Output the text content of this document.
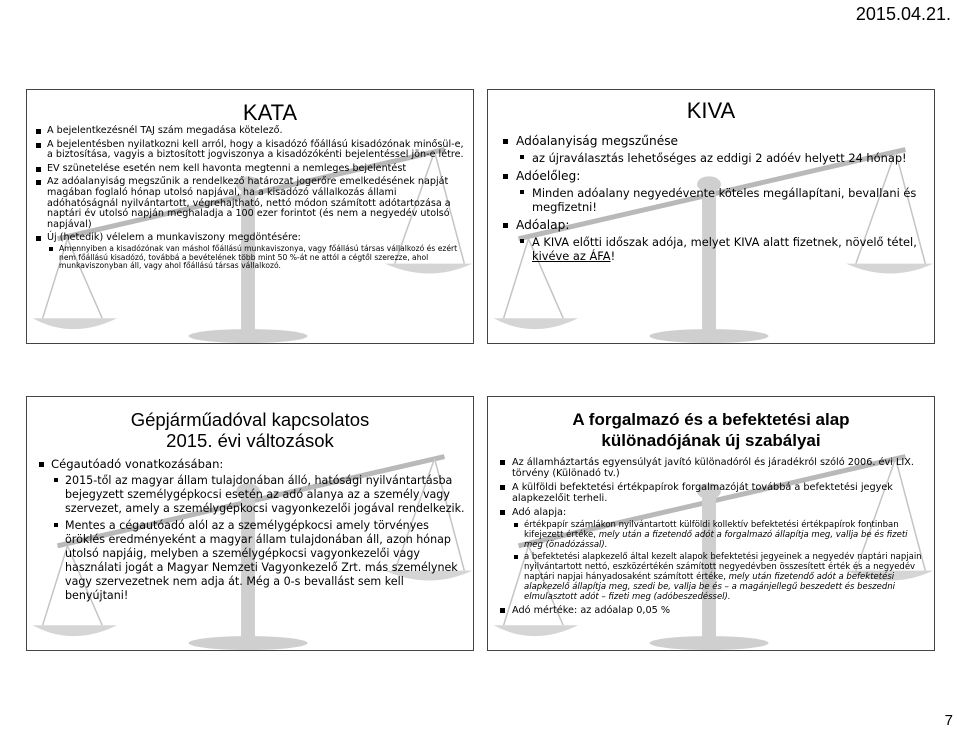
2015.04.21.
KATA
A bejelentkezésnél TAJ szám megadása kötelező.
A bejelentésben nyilatkozni kell arról, hogy a kisadózó főállású kisadózónak minősül-e, a biztosítása, vagyis a biztosított jogviszonya a kisadózókénti bejelentéssel jön-e létre.
EV szünetelése esetén nem kell havonta megtenni a nemleges bejelentést
Az adóalanyiság megszűnik a rendelkező határozat jogerőre emelkedésének napját magában foglaló hónap utolsó napjával, ha a kisadózó vállalkozás állami adóhatóságnál nyilvántartott, végrehajtható, nettó módon számított adótartozása a naptári év utolsó napján meghaladja a 100 ezer forintot (és nem a negyedév utolsó napjával)
Új (hetedik) vélelem a munkaviszony megdöntésére:
Amennyiben a kisadózónak van máshol főállású munkaviszonya, vagy főállású társas vállalkozó és ezért nem főállású kisadózó, továbbá a bevételének több mint 50 %-át ne attól a cégtől szerezze, ahol munkaviszonyban áll, vagy ahol főállású társas vállalkozó.
KIVA
Adóalanyiság megszűnése
az újraválasztás lehetőséges az eddigi 2 adóév helyett 24 hónap!
Adóelőleg:
Minden adóalany negyedévente köteles megállapítani, bevallani és megfizetni!
Adóalap:
A KIVA előtti időszak adója, melyet KIVA alatt fizetnek, növelő tétel, kivéve az ÁFA!
Gépjárműadóval kapcsolatos
2015. évi változások
Cégautóadó vonatkozásában:
2015-től az magyar állam tulajdonában álló, hatósági nyilvántartásba bejegyzett személygépkocsi esetén az adó alanya az a személy vagy szervezet, amely a személygépkocsi vagyonkezelői jogával rendelkezik.
Mentes a cégautóadó alól az a személygépkocsi amely törvényes öröklés eredményeként a magyar állam tulajdonában áll, azon hónap utolsó napjáig, melyben a személygépkocsi vagyonkezelői vagy használati jogát a Magyar Nemzeti Vagyonkezelő Zrt. más személynek vagy szervezetnek nem adja át. Még a 0-s bevallást sem kell benyújtani!
A forgalmazó és a befektetési alap
különadójának új szabályai
Az államháztartás egyensúlyát javító különadóról és járadékról szóló 2006. évi LIX. törvény (Különadó tv.)
A külföldi befektetési értékpapírok forgalmazóját továbbá a befektetési jegyek alapkezelőit terheli.
Adó alapja:
értékpapír számlákon nyilvántartott külföldi kollektív befektetési értékpapírok fontinban kifejezett értéke, mely után a fizetendő adót a forgalmazó állapítja meg, vallja be és fizeti meg (önadózással).
a befektetési alapkezelő által kezelt alapok befektetési jegyeinek a negyedév naptári napjain nyilvántartott nettó, eszközértékén számított negyedévben összesített érték és a negyedév naptári napjai hányadosaként számított értéke, mely után fizetendő adót a befektetési alapkezelő állapítja meg, szedi be, vallja be és – a magánjellegű beszedett és beszedni elmulasztott adót – fizeti meg (adóbeszedéssel).
Adó mértéke: az adóalap 0,05 %
7
